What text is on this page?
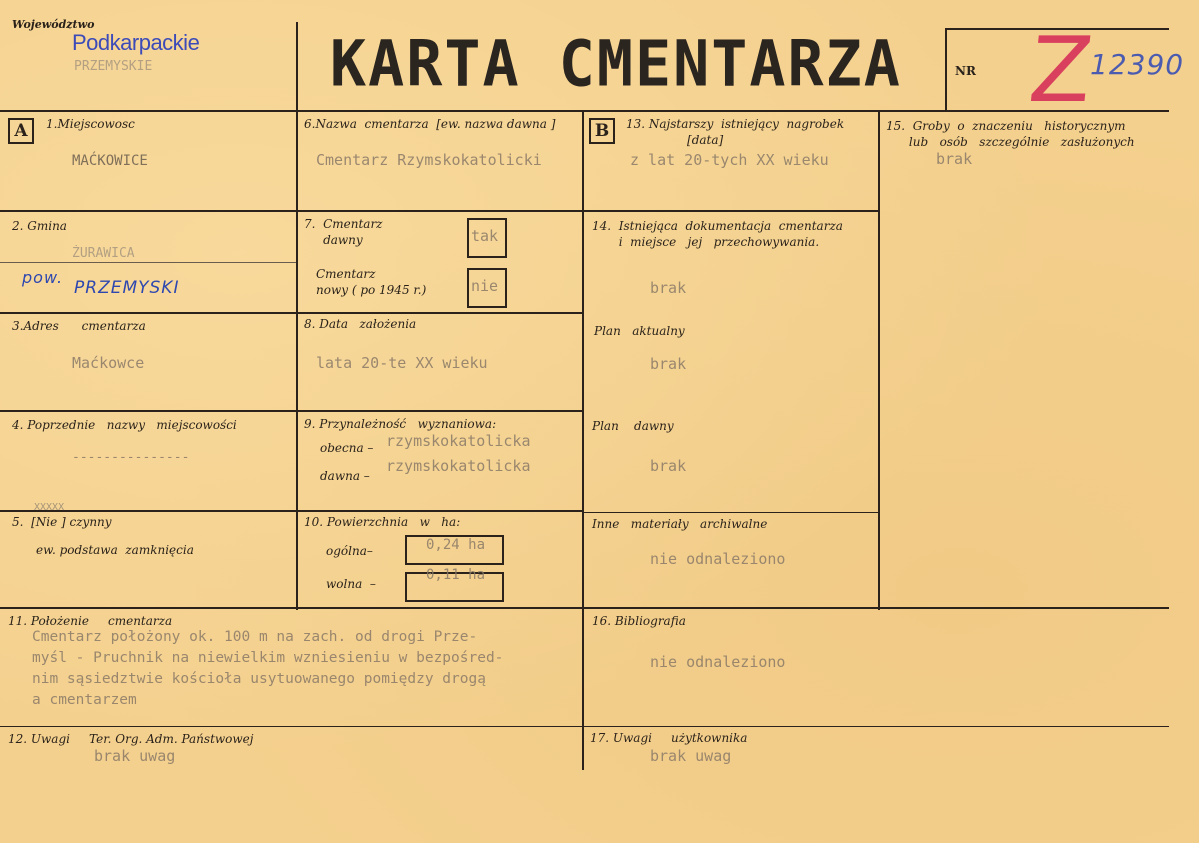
Województwo
Podkarpackie
PRZEMYSKIE	KARTA CMENTARZA	NR Z
12390
A	B
1.Miejscowosc
MAĆKOWICE
2. Gmina
ŻURAWICA
pow.
PRZEMYSKI
3.Adres      cmentarza
Maćkowce
4. Poprzednie   nazwy   miejscowości
---------------
XXXXX
5.  [Nie ] czynny
ew. podstawa  zamknięcia
6.Nazwa  cmentarza  [ew. nazwa dawna ]
Cmentarz Rzymskokatolicki
7.  Cmentarz
dawny	tak
Cmentarz
nowy ( po 1945 r.)	nie
8. Data   założenia
lata 20-te XX wieku
9. Przynależność   wyznaniowa:
obecna – rzymskokatolicka
dawna –
rzymskokatolicka
10. Powierzchnia   w   ha:
ogólna–	0,24 ha
wolna  –
0,11 ha
11. Położenie     cmentarza
Cmentarz położony ok. 100 m na zach. od drogi Prze-
myśl - Pruchnik na niewielkim wzniesieniu w bezpośred-
nim sąsiedztwie kościoła usytuowanego pomiędzy drogą
a cmentarzem
12. Uwagi     Ter. Org. Adm. Państwowej
brak uwag
13. Najstarszy  istniejący  nagrobek
[data]
z lat 20-tych XX wieku
14.  Istniejąca  dokumentacja  cmentarza
i  miejsce   jej   przechowywania.
brak
Plan   aktualny
brak
Plan    dawny
brak
Inne   materiały   archiwalne
nie odnaleziono
15.  Groby  o  znaczeniu   historycznym
lub   osób   szczególnie   zasłużonych
brak
16. Bibliografia
nie odnaleziono
17. Uwagi     użytkownika
brak uwag
